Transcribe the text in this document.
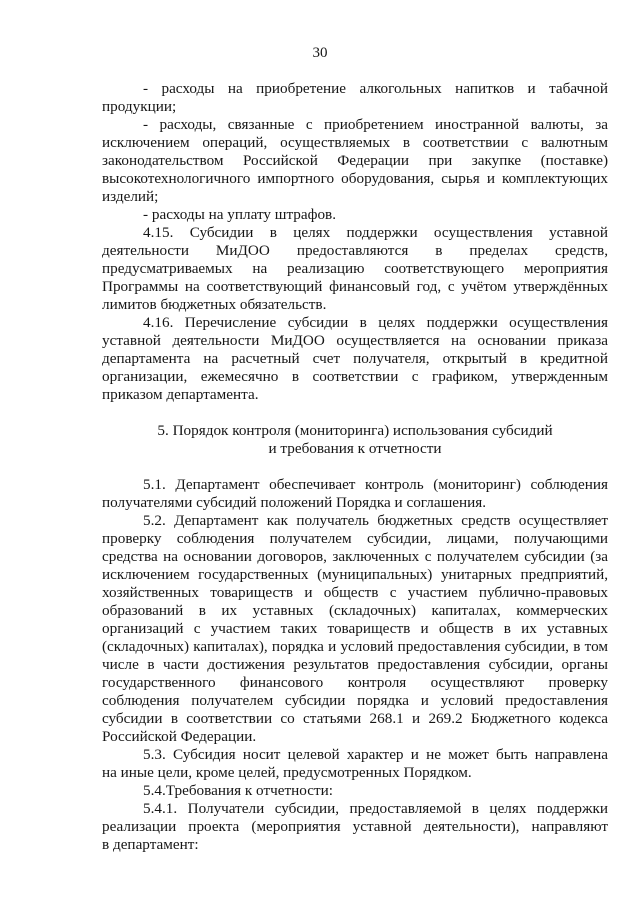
30
- расходы на приобретение алкогольных напитков и табачной
продукции;
- расходы, связанные с приобретением иностранной валюты, за
исключением операций, осуществляемых в соответствии с валютным
законодательством Российской Федерации при закупке (поставке)
высокотехнологичного импортного оборудования, сырья и комплектующих
изделий;
- расходы на уплату штрафов.
4.15. Субсидии в целях поддержки осуществления уставной
деятельности МиДОО предоставляются в пределах средств,
предусматриваемых на реализацию соответствующего мероприятия
Программы на соответствующий финансовый год, с учётом утверждённых
лимитов бюджетных обязательств.
4.16. Перечисление субсидии в целях поддержки осуществления
уставной деятельности МиДОО осуществляется на основании приказа
департамента на расчетный счет получателя, открытый в кредитной
организации, ежемесячно в соответствии с графиком, утвержденным
приказом департамента.
5. Порядок контроля (мониторинга) использования субсидий
и требования к отчетности
5.1. Департамент обеспечивает контроль (мониторинг) соблюдения
получателями субсидий положений Порядка и соглашения.
5.2. Департамент как получатель бюджетных средств осуществляет
проверку соблюдения получателем субсидии, лицами, получающими
средства на основании договоров, заключенных с получателем субсидии (за
исключением государственных (муниципальных) унитарных предприятий,
хозяйственных товариществ и обществ с участием публично-правовых
образований в их уставных (складочных) капиталах, коммерческих
организаций с участием таких товариществ и обществ в их уставных
(складочных) капиталах), порядка и условий предоставления субсидии, в том
числе в части достижения результатов предоставления субсидии, органы
государственного финансового контроля осуществляют проверку
соблюдения получателем субсидии порядка и условий предоставления
субсидии в соответствии со статьями 268.1 и 269.2 Бюджетного кодекса
Российской Федерации.
5.3. Субсидия носит целевой характер и не может быть направлена
на иные цели, кроме целей, предусмотренных Порядком.
5.4.Требования к отчетности:
5.4.1. Получатели субсидии, предоставляемой в целях поддержки
реализации проекта (мероприятия уставной деятельности), направляют
в департамент:
